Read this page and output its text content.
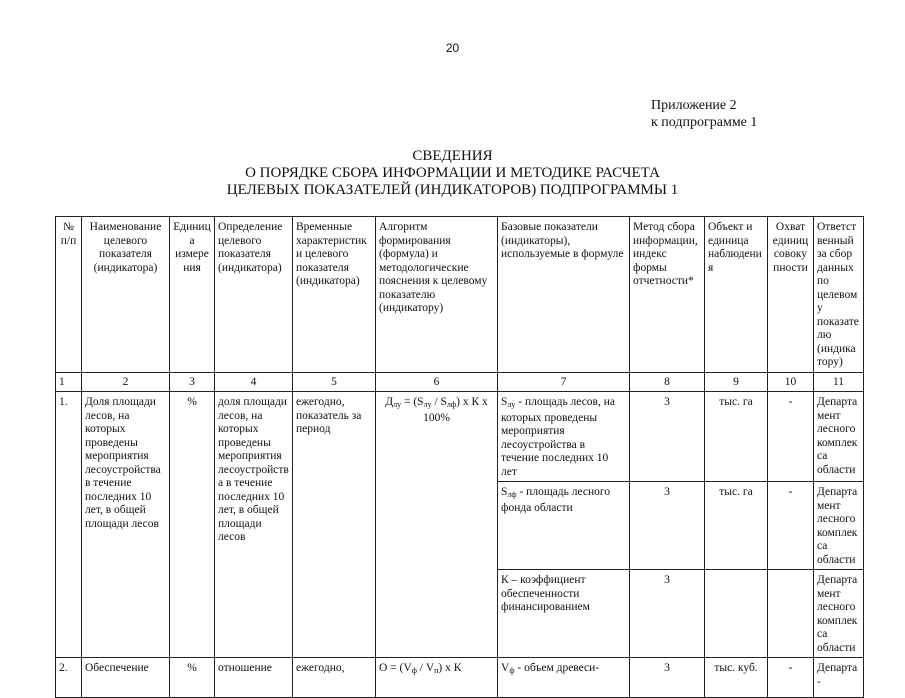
20
Приложение 2
к подпрограмме 1
СВЕДЕНИЯ
О ПОРЯДКЕ СБОРА ИНФОРМАЦИИ И МЕТОДИКЕ РАСЧЕТА
ЦЕЛЕВЫХ ПОКАЗАТЕЛЕЙ (ИНДИКАТОРОВ) ПОДПРОГРАММЫ 1
№ п/п	Наименование целевого показателя (индикатора)	Единица измерения	Определение целевого показателя (индикатора)	Временные характеристики целевого показателя (индикатора)	Алгоритм формирования (формула) и методологические пояснения к целевому показателю (индикатору)	Базовые показатели (индикаторы), используемые в формуле	Метод сбора информации, индекс формы отчетности*	Объект и единица наблюдения	Охват единиц совокупности	Ответственный за сбор данных по целевому показателю (индикатору)
1	2	3	4	5	6	7	8	9	10	11
1.	Доля площади лесов, на которых проведены мероприятия лесоустройства в течение последних 10 лет, в общей площади лесов	%	доля площади лесов, на которых проведены мероприятия лесоустройства в течение последних 10 лет, в общей площади лесов	ежегодно, показатель за период	$Д_{лу} = (S_{лу} / S_{лф})$ х К х 100%	$S_{лу}$ - площадь лесов, на которых проведены мероприятия лесоустройства в течение последних 10 лет	3	тыс. га	-	Департамент лесного комплекса области
						$S_{лф}$ - площадь лесного фонда области	3	тыс. га	-	Департамент лесного комплекса области
						К – коэффициент обеспеченности финансированием	3			Департамент лесного комплекса области
2.	Обеспечение	%	отношение	ежегодно,	$О = (V_ф / V_п)$ х К	$V_ф$ - объем древеси-	3	тыс. куб.	-	Департа-
